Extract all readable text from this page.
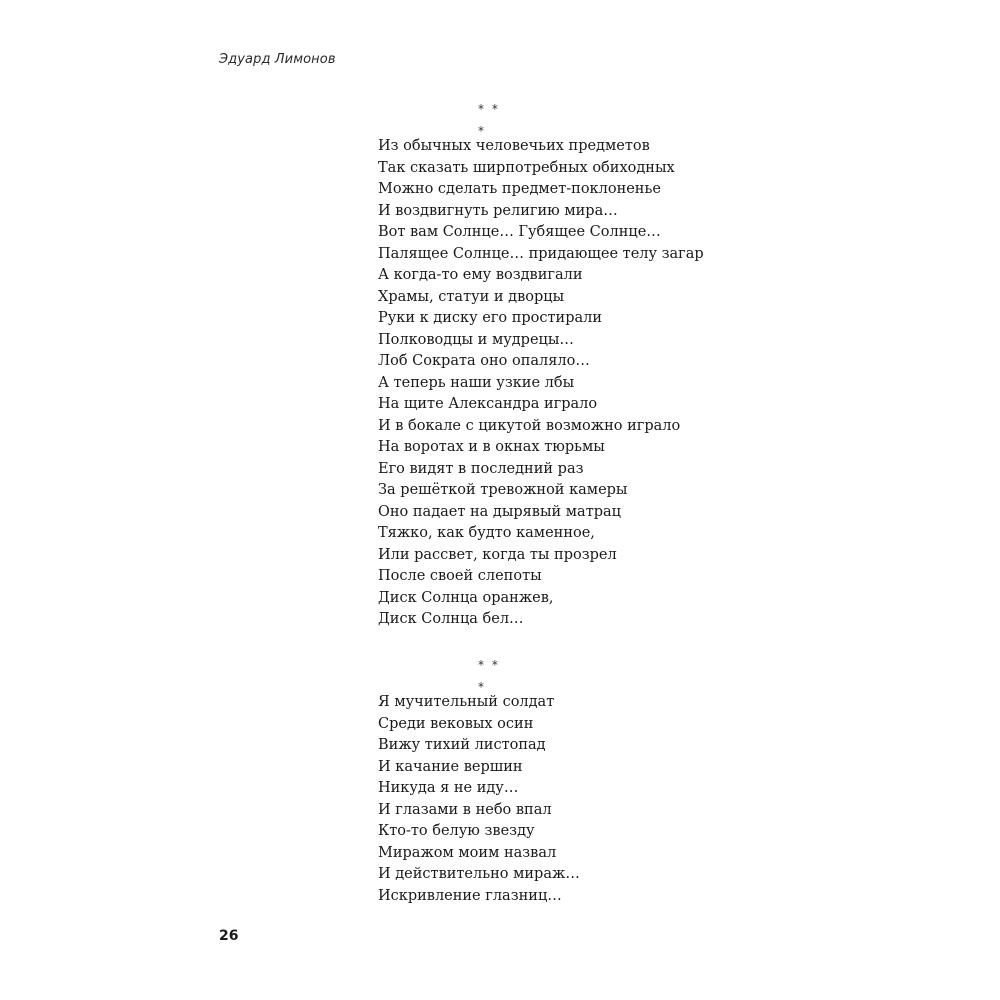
Эдуард Лимонов
* * *
Из обычных человечьих предметов
Так сказать ширпотребных обиходных
Можно сделать предмет-поклоненье
И воздвигнуть религию мира…
Вот вам Солнце… Губящее Солнце…
Палящее Солнце… придающее телу загар
А когда-то ему воздвигали
Храмы, статуи и дворцы
Руки к диску его простирали
Полководцы и мудрецы…
Лоб Сократа оно опаляло…
А теперь наши узкие лбы
На щите Александра играло
И в бокале с цикутой возможно играло
На воротах и в окнах тюрьмы
Его видят в последний раз
За решёткой тревожной камеры
Оно падает на дырявый матрац
Тяжко, как будто каменное,
Или рассвет, когда ты прозрел
После своей слепоты
Диск Солнца оранжев,
Диск Солнца бел…
* * *
Я мучительный солдат
Среди вековых осин
Вижу тихий листопад
И качание вершин
Никуда я не иду…
И глазами в небо впал
Кто-то белую звезду
Миражом моим назвал
И действительно мираж…
Искривление глазниц…
26
